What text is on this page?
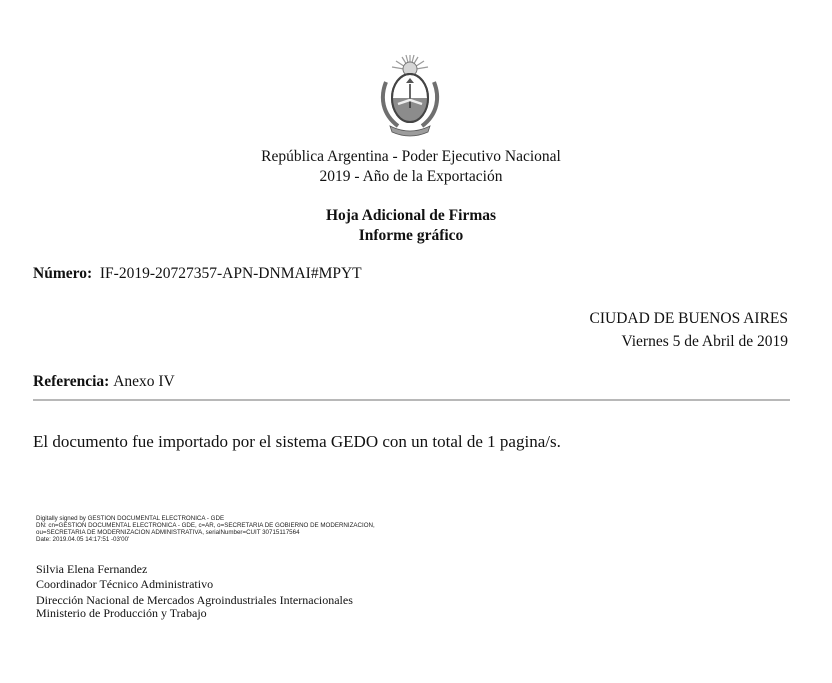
República Argentina - Poder Ejecutivo Nacional
2019 - Año de la Exportación
Hoja Adicional de Firmas
Informe gráfico
Número: IF-2019-20727357-APN-DNMAI#MPYT
CIUDAD DE BUENOS AIRES
Viernes 5 de Abril de 2019
Referencia: Anexo IV
El documento fue importado por el sistema GEDO con un total de 1 pagina/s.
Digitally signed by GESTION DOCUMENTAL ELECTRONICA - GDE
DN: cn=GESTION DOCUMENTAL ELECTRONICA - GDE, c=AR, o=SECRETARIA DE GOBIERNO DE MODERNIZACION,
ou=SECRETARIA DE MODERNIZACION ADMINISTRATIVA, serialNumber=CUIT 30715117564
Date: 2019.04.05 14:17:51 -03'00'
Silvia Elena Fernandez
Coordinador Técnico Administrativo
Dirección Nacional de Mercados Agroindustriales Internacionales
Ministerio de Producción y Trabajo
